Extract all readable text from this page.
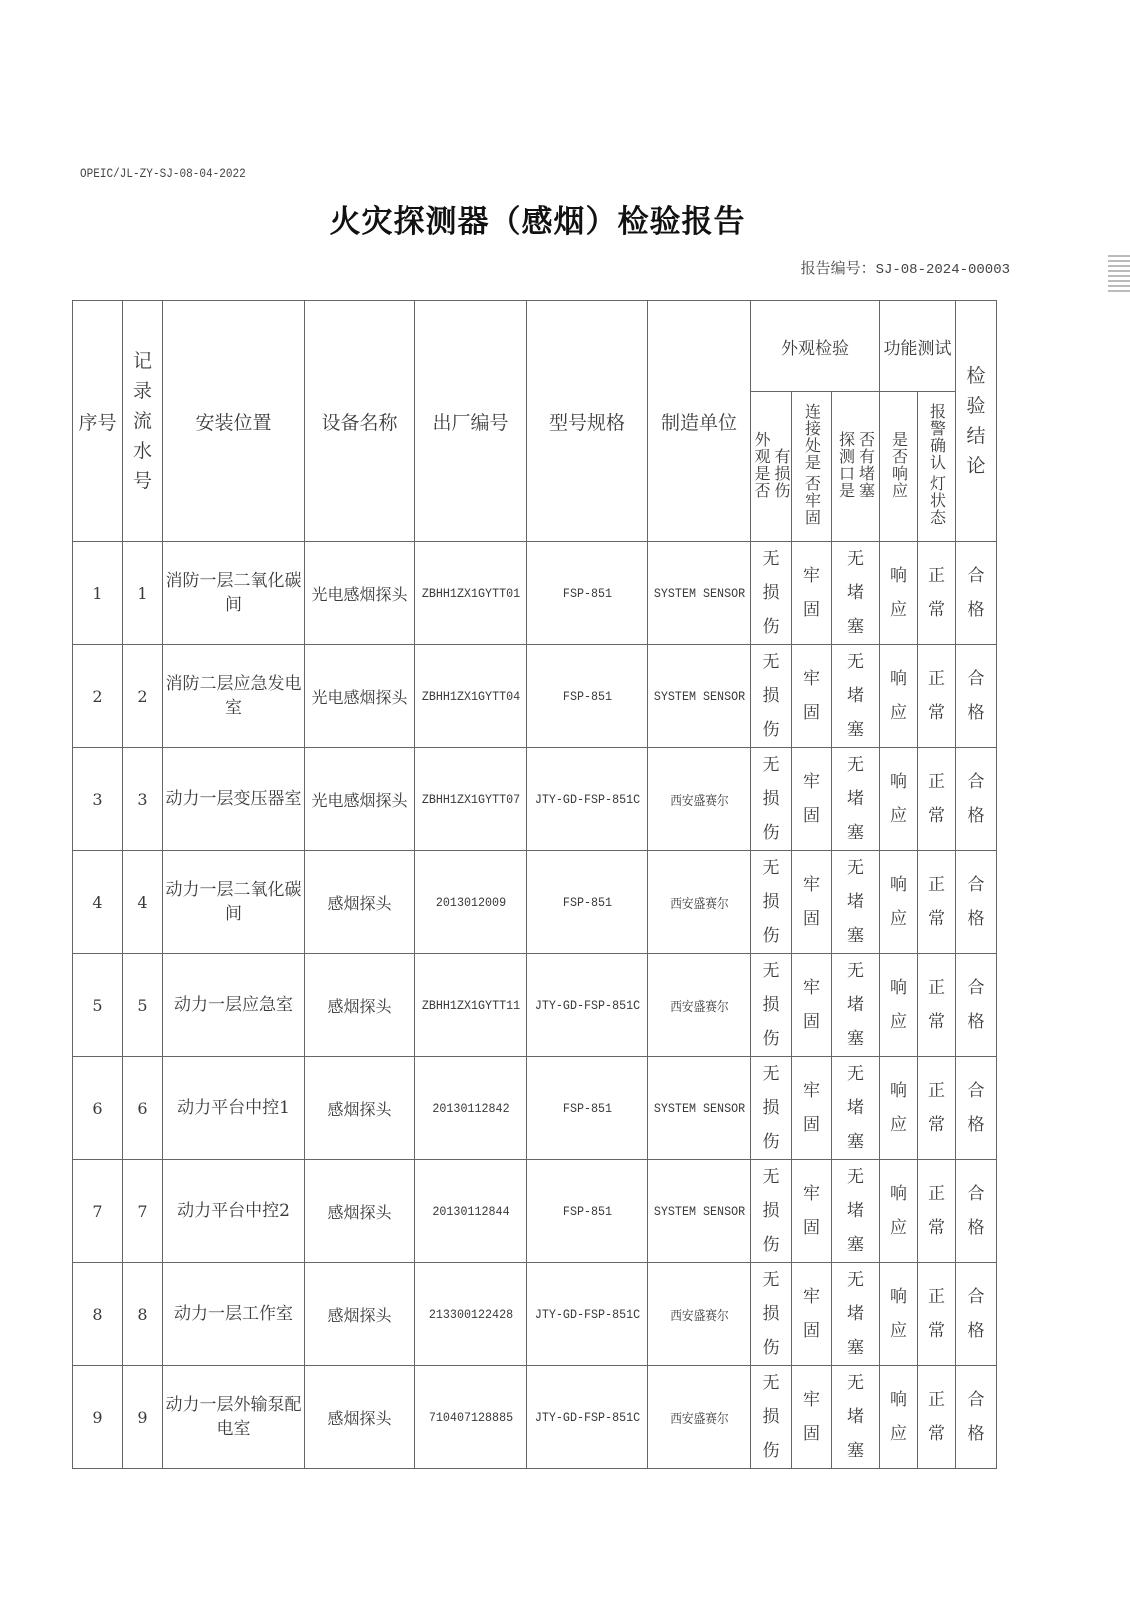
OPEIC/JL-ZY-SJ-08-04-2022
火灾探测器（感烟）检验报告
报告编号：SJ-08-2024-00003
序号	记录流水号	安装位置	设备名称	出厂编号	型号规格	制造单位	外观检验			功能测试		检验结论
							外观是否有损伤	连接处是否牢固	探测口是否有堵塞	是否响应	报警确认灯状态	
1	1	消防一层二氧化碳间	光电感烟探头	ZBHH1ZX1GYTT01	FSP-851	SYSTEM SENSOR	无损伤	牢固	无堵塞	响应	正常	合格
2	2	消防二层应急发电室	光电感烟探头	ZBHH1ZX1GYTT04	FSP-851	SYSTEM SENSOR	无损伤	牢固	无堵塞	响应	正常	合格
3	3	动力一层变压器室	光电感烟探头	ZBHH1ZX1GYTT07	JTY-GD-FSP-851C	西安盛赛尔	无损伤	牢固	无堵塞	响应	正常	合格
4	4	动力一层二氧化碳间	感烟探头	2013012009	FSP-851	西安盛赛尔	无损伤	牢固	无堵塞	响应	正常	合格
5	5	动力一层应急室	感烟探头	ZBHH1ZX1GYTT11	JTY-GD-FSP-851C	西安盛赛尔	无损伤	牢固	无堵塞	响应	正常	合格
6	6	动力平台中控1	感烟探头	20130112842	FSP-851	SYSTEM SENSOR	无损伤	牢固	无堵塞	响应	正常	合格
7	7	动力平台中控2	感烟探头	20130112844	FSP-851	SYSTEM SENSOR	无损伤	牢固	无堵塞	响应	正常	合格
8	8	动力一层工作室	感烟探头	213300122428	JTY-GD-FSP-851C	西安盛赛尔	无损伤	牢固	无堵塞	响应	正常	合格
9	9	动力一层外输泵配电室	感烟探头	710407128885	JTY-GD-FSP-851C	西安盛赛尔	无损伤	牢固	无堵塞	响应	正常	合格
